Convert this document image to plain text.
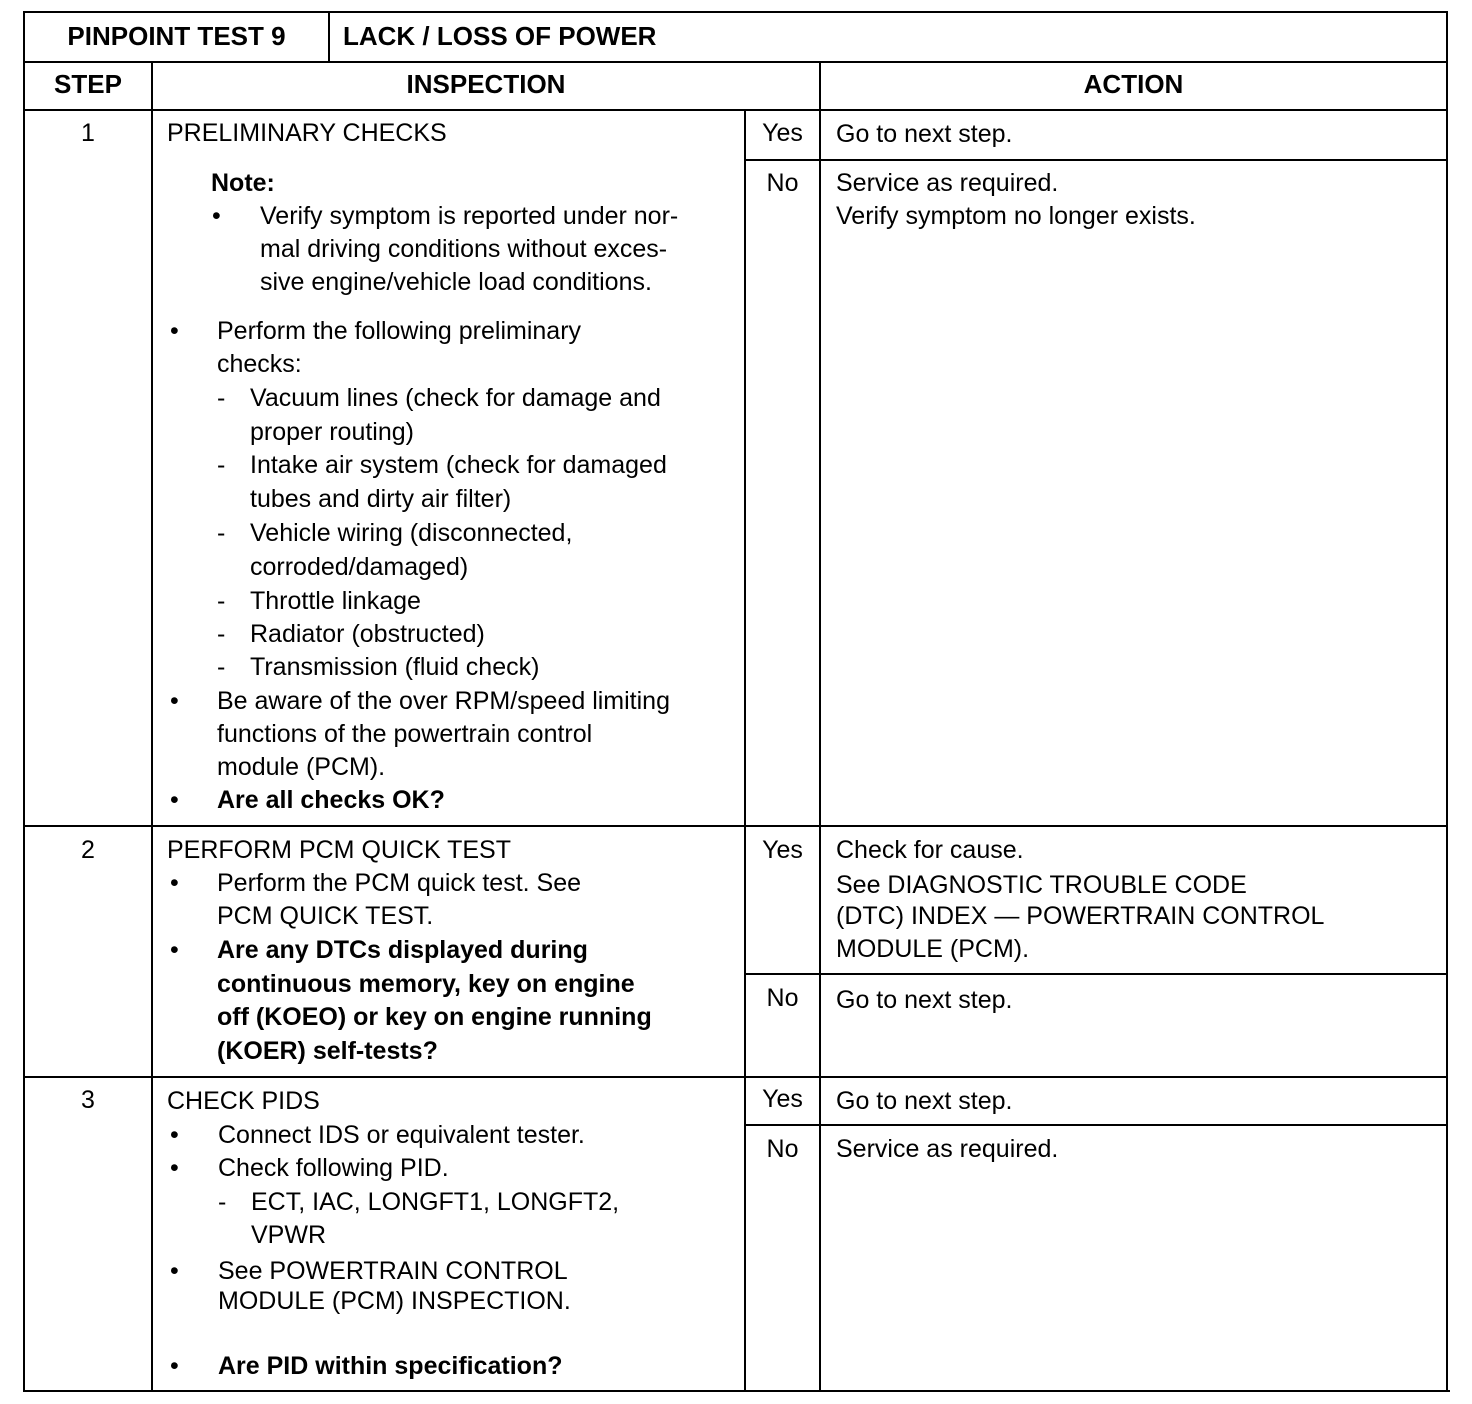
PINPOINT TEST 9	LACK / LOSS OF POWER
STEP	INSPECTION	ACTION
1	PRELIMINARY CHECKS
Note:
• Verify symptom is reported under nor-
mal driving conditions without exces-
sive engine/vehicle load conditions.
• Perform the following preliminary
checks:
- Vacuum lines (check for damage and
proper routing)
- Intake air system (check for damaged
tubes and dirty air filter)
- Vehicle wiring (disconnected,
corroded/damaged)
- Throttle linkage
- Radiator (obstructed)
- Transmission (fluid check)
• Be aware of the over RPM/speed limiting
functions of the powertrain control
module (PCM).
• Are all checks OK?
Yes	Go to next step.
No	Service as required.
Verify symptom no longer exists.
2	PERFORM PCM QUICK TEST
• Perform the PCM quick test. See
PCM QUICK TEST.
• Are any DTCs displayed during
continuous memory, key on engine
off (KOEO) or key on engine running
(KOER) self-tests?
Yes	Check for cause.
See DIAGNOSTIC TROUBLE CODE
(DTC) INDEX — POWERTRAIN CONTROL
MODULE (PCM).
No	Go to next step.
3	CHECK PIDS
• Connect IDS or equivalent tester.
• Check following PID.
- ECT, IAC, LONGFT1, LONGFT2,
VPWR
• See POWERTRAIN CONTROL
MODULE (PCM) INSPECTION.
• Are PID within specification?
Yes	Go to next step.
No	Service as required.
